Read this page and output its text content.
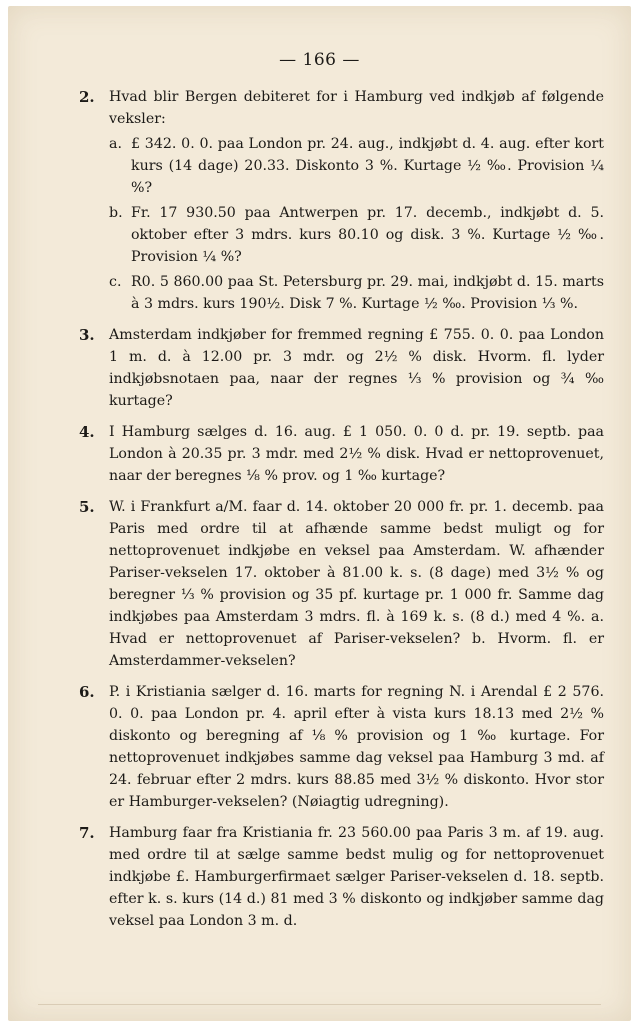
— 166 —
2. Hvad blir Bergen debiteret for i Hamburg ved indkjøb af følgende veksler:
a. £ 342. 0. 0. paa London pr. 24. aug., indkjøbt d. 4. aug. efter kort kurs (14 dage) 20.33. Diskonto 3 %. Kurtage ½ ‰. Provision ¼ %?
b. Fr. 17 930.50 paa Antwerpen pr. 17. decemb., indkjøbt d. 5. oktober efter 3 mdrs. kurs 80.10 og disk. 3 %. Kurtage ½ ‰. Provision ¼ %?
c. R0. 5 860.00 paa St. Petersburg pr. 29. mai, indkjøbt d. 15. marts à 3 mdrs. kurs 190½. Disk 7 %. Kurtage ½ ‰. Provision ⅓ %.
3. Amsterdam indkjøber for fremmed regning £ 755. 0. 0. paa London 1 m. d. à 12.00 pr. 3 mdr. og 2½ % disk. Hvorm. fl. lyder indkjøbsnotaen paa, naar der regnes ⅓ % provision og ¾ ‰ kurtage?
4. I Hamburg sælges d. 16. aug. £ 1 050. 0. 0 d. pr. 19. septb. paa London à 20.35 pr. 3 mdr. med 2½ % disk. Hvad er nettoprovenuet, naar der beregnes ⅛ % prov. og 1 ‰ kurtage?
5. W. i Frankfurt a/M. faar d. 14. oktober 20 000 fr. pr. 1. decemb. paa Paris med ordre til at afhænde samme bedst muligt og for nettoprovenuet indkjøbe en veksel paa Amsterdam. W. afhænder Pariser-vekselen 17. oktober à 81.00 k. s. (8 dage) med 3½ % og beregner ⅓ % provision og 35 pf. kurtage pr. 1 000 fr. Samme dag indkjøbes paa Amsterdam 3 mdrs. fl. à 169 k. s. (8 d.) med 4 %. a. Hvad er nettoprovenuet af Pariser-vekselen? b. Hvorm. fl. er Amsterdammer-vekselen?
6. P. i Kristiania sælger d. 16. marts for regning N. i Arendal £ 2 576. 0. 0. paa London pr. 4. april efter à vista kurs 18.13 med 2½ % diskonto og beregning af ⅛ % provision og 1 ‰ kurtage. For nettoprovenuet indkjøbes samme dag veksel paa Hamburg 3 md. af 24. februar efter 2 mdrs. kurs 88.85 med 3½ % diskonto. Hvor stor er Hamburger-vekselen? (Nøiagtig udregning).
7. Hamburg faar fra Kristiania fr. 23 560.00 paa Paris 3 m. af 19. aug. med ordre til at sælge samme bedst mulig og for nettoprovenuet indkjøbe £. Hamburgerfirmaet sælger Pariser-vekselen d. 18. septb. efter k. s. kurs (14 d.) 81 med 3 % diskonto og indkjøber samme dag veksel paa London 3 m. d.
